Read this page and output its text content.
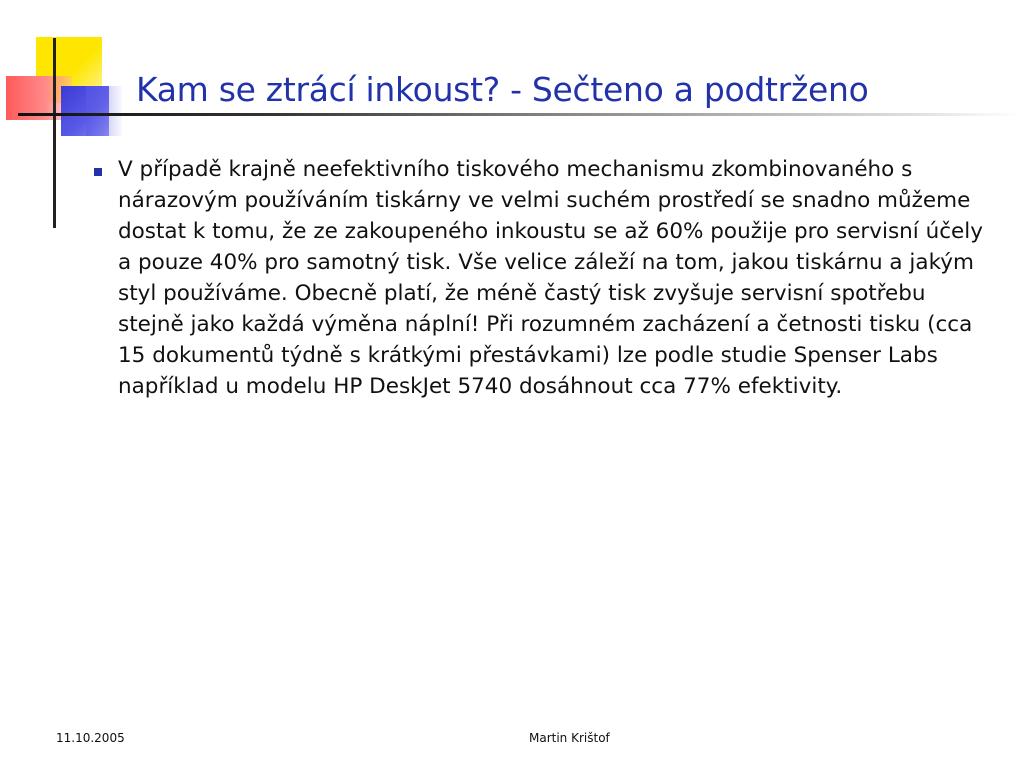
Kam se ztrácí inkoust? - Sečteno a podtrženo
V případě krajně neefektivního tiskového mechanismu zkombinovaného s nárazovým používáním tiskárny ve velmi suchém prostředí se snadno můžeme dostat k tomu, že ze zakoupeného inkoustu se až 60% použije pro servisní účely a pouze 40% pro samotný tisk. Vše velice záleží na tom, jakou tiskárnu a jakým styl používáme. Obecně platí, že méně častý tisk zvyšuje servisní spotřebu stejně jako každá výměna náplní! Při rozumném zacházení a četnosti tisku (cca 15 dokumentů týdně s krátkými přestávkami) lze podle studie Spenser Labs například u modelu HP DeskJet 5740 dosáhnout cca 77% efektivity.
11.10.2005	Martin Krištof
